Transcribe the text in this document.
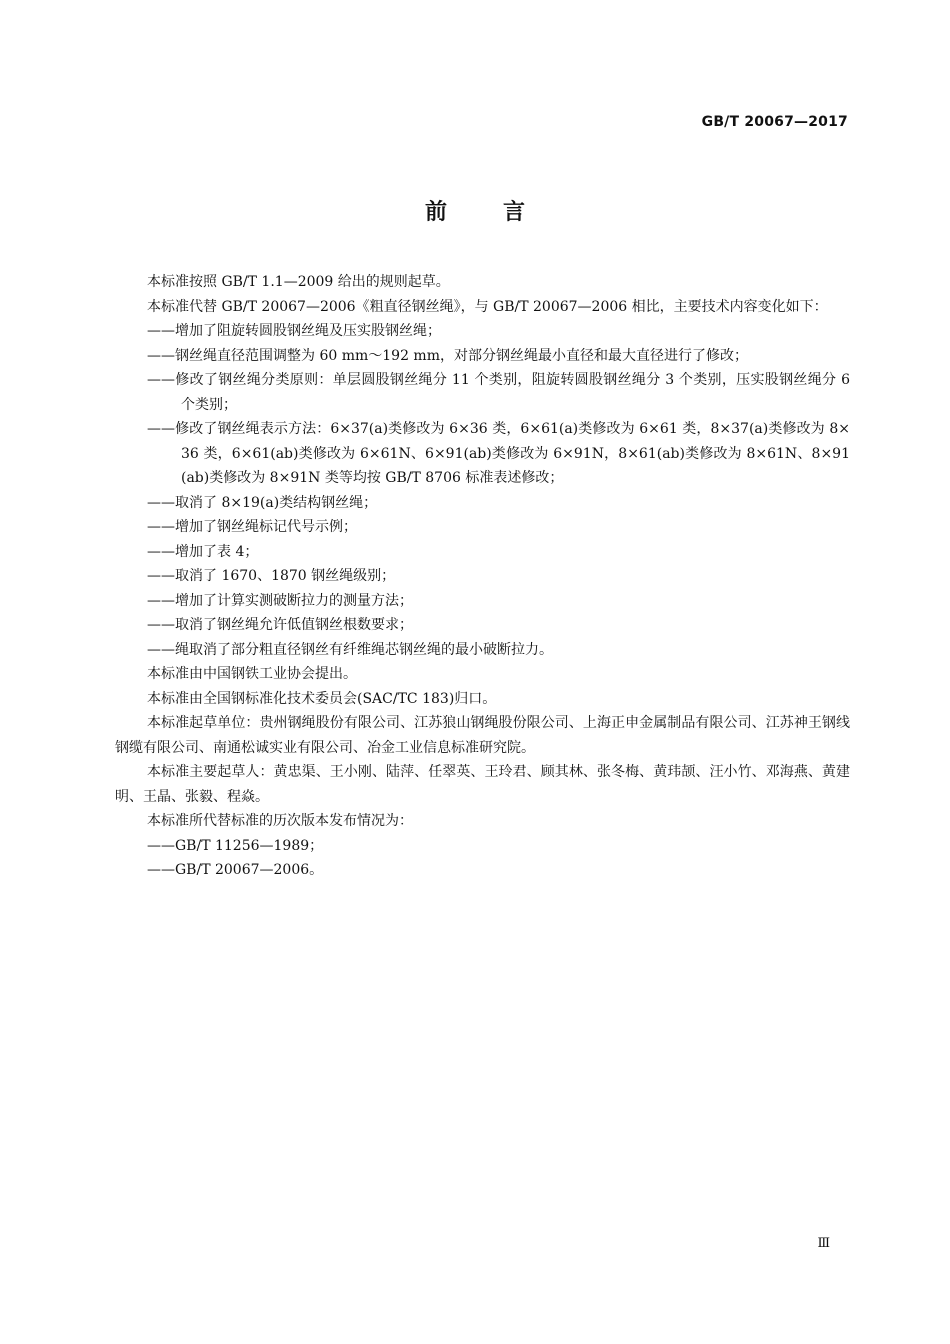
GB/T 20067—2017
前言

本标准按照 GB/T 1.1—2009 给出的规则起草。

本标准代替 GB/T 20067—2006《粗直径钢丝绳》，与 GB/T 20067—2006 相比，主要技术内容变化如下：

——增加了阻旋转圆股钢丝绳及压实股钢丝绳；

——钢丝绳直径范围调整为 60 mm～192 mm，对部分钢丝绳最小直径和最大直径进行了修改；

——修改了钢丝绳分类原则：单层圆股钢丝绳分 11 个类别，阻旋转圆股钢丝绳分 3 个类别，压实股钢丝绳分 6 个类别；

——修改了钢丝绳表示方法：6×37(a)类修改为 6×36 类，6×61(a)类修改为 6×61 类，8×37(a)类修改为 8×36 类，6×61(ab)类修改为 6×61N、6×91(ab)类修改为 6×91N，8×61(ab)类修改为 8×61N、8×91(ab)类修改为 8×91N 类等均按 GB/T 8706 标准表述修改；

——取消了 8×19(a)类结构钢丝绳；

——增加了钢丝绳标记代号示例；

——增加了表 4；

——取消了 1670、1870 钢丝绳级别；

——增加了计算实测破断拉力的测量方法；

——取消了钢丝绳允许低值钢丝根数要求；

——绳取消了部分粗直径钢丝有纤维绳芯钢丝绳的最小破断拉力。

本标准由中国钢铁工业协会提出。

本标准由全国钢标准化技术委员会(SAC/TC 183)归口。

本标准起草单位：贵州钢绳股份有限公司、江苏狼山钢绳股份限公司、上海正申金属制品有限公司、江苏神王钢线钢缆有限公司、南通松诚实业有限公司、冶金工业信息标准研究院。

本标准主要起草人：黄忠渠、王小刚、陆萍、任翠英、王玲君、顾其林、张冬梅、黄玮颉、汪小竹、邓海燕、黄建明、王晶、张毅、程焱。

本标准所代替标准的历次版本发布情况为：

——GB/T 11256—1989；

——GB/T 20067—2006。

Ⅲ
